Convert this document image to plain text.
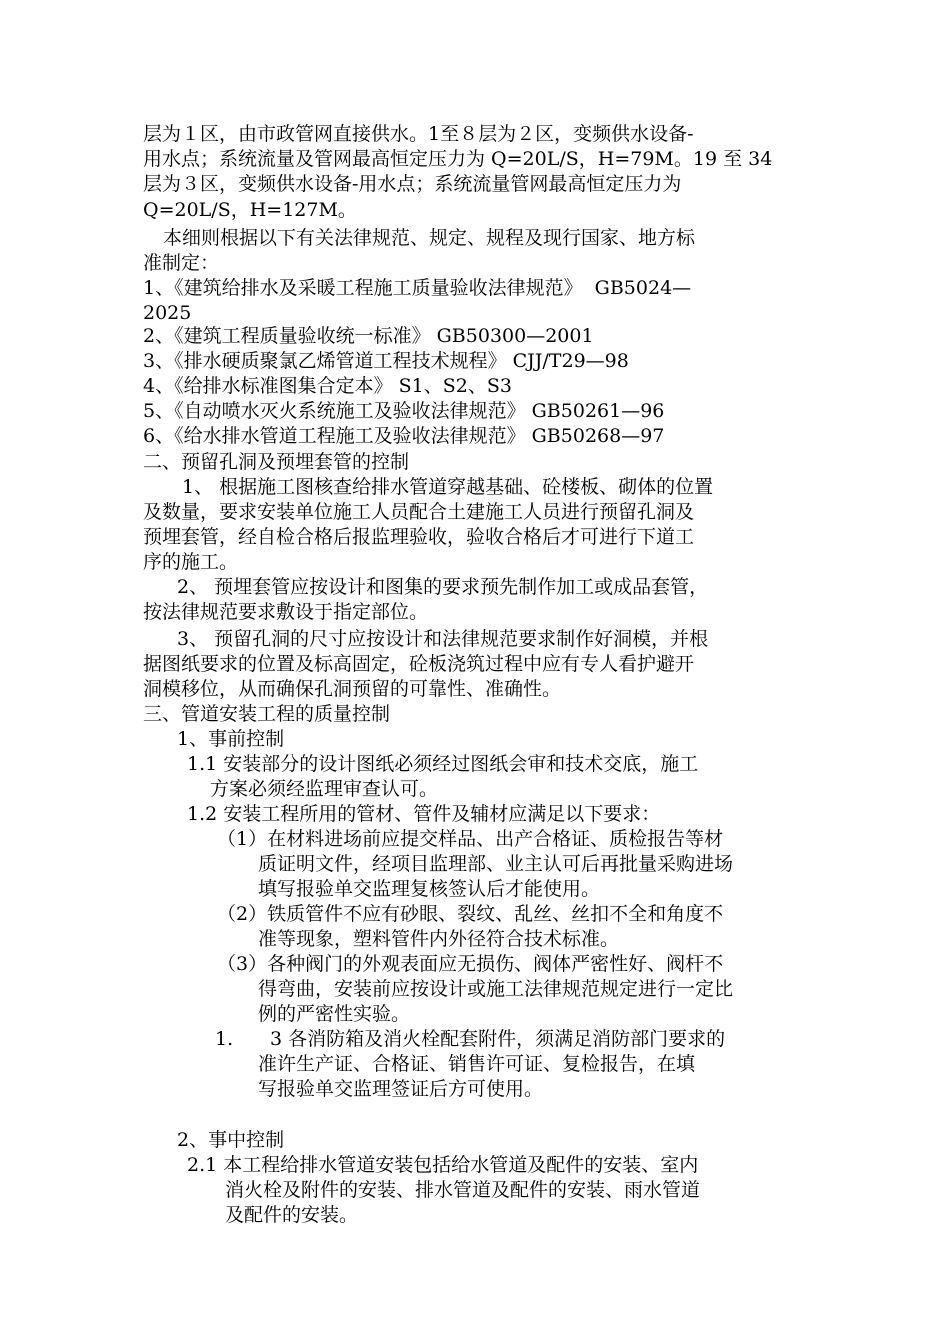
层为１区，由市政管网直接供水。1至８层为２区，变频供水设备-
用水点；系统流量及管网最高恒定压力为 Q=20L/S，H=79M。19 至 34
层为３区，变频供水设备-用水点；系统流量管网最高恒定压力为
Q=20L/S，H=127M。
本细则根据以下有关法律规范、规定、规程及现行国家、地方标
准制定：
1、《建筑给排水及采暖工程施工质量验收法律规范》  GB5024—
2025
2、《建筑工程质量验收统一标准》 GB50300—2001
3、《排水硬质聚氯乙烯管道工程技术规程》 CJJ/T29—98
4、《给排水标准图集合定本》 S1、S2、S3
5、《自动喷水灭火系统施工及验收法律规范》 GB50261—96
6、《给水排水管道工程施工及验收法律规范》 GB50268—97
二、预留孔洞及预埋套管的控制
1、 根据施工图核查给排水管道穿越基础、砼楼板、砌体的位置
及数量，要求安装单位施工人员配合土建施工人员进行预留孔洞及
预埋套管，经自检合格后报监理验收，验收合格后才可进行下道工
序的施工。
2、 预埋套管应按设计和图集的要求预先制作加工或成品套管，
按法律规范要求敷设于指定部位。
3、 预留孔洞的尺寸应按设计和法律规范要求制作好洞模，并根
据图纸要求的位置及标高固定，砼板浇筑过程中应有专人看护避开
洞模移位，从而确保孔洞预留的可靠性、准确性。
三、管道安装工程的质量控制
1、事前控制
1.1 安装部分的设计图纸必须经过图纸会审和技术交底，施工
方案必须经监理审查认可。
1.2 安装工程所用的管材、管件及辅材应满足以下要求：
（1）在材料进场前应提交样品、出产合格证、质检报告等材
质证明文件，经项目监理部、业主认可后再批量采购进场
填写报验单交监理复核签认后才能使用。
（2）铁质管件不应有砂眼、裂纹、乱丝、丝扣不全和角度不
准等现象，塑料管件内外径符合技术标准。
（3）各种阀门的外观表面应无损伤、阀体严密性好、阀杆不
得弯曲，安装前应按设计或施工法律规范规定进行一定比
例的严密性实验。
1. 3 各消防箱及消火栓配套附件，须满足消防部门要求的
准许生产证、合格证、销售许可证、复检报告，在填
写报验单交监理签证后方可使用。
2、事中控制
2.1 本工程给排水管道安装包括给水管道及配件的安装、室内
消火栓及附件的安装、排水管道及配件的安装、雨水管道
及配件的安装。
